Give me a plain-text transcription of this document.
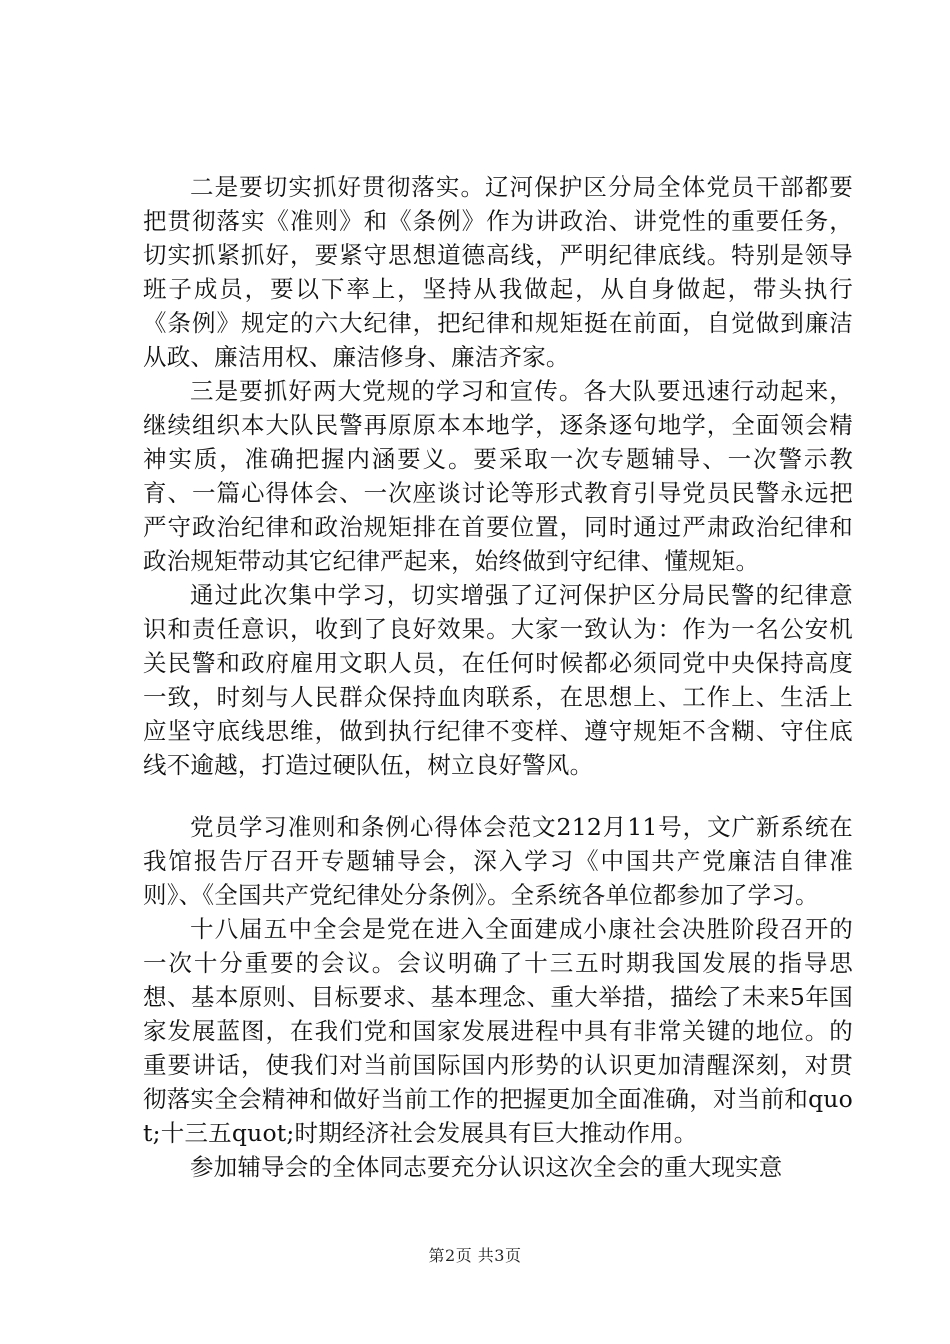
二是要切实抓好贯彻落实。辽河保护区分局全体党员干部都要把贯彻落实《准则》和《条例》作为讲政治、讲党性的重要任务，切实抓紧抓好，要紧守思想道德高线，严明纪律底线。特别是领导班子成员，要以下率上，坚持从我做起，从自身做起，带头执行《条例》规定的六大纪律，把纪律和规矩挺在前面，自觉做到廉洁从政、廉洁用权、廉洁修身、廉洁齐家。

三是要抓好两大党规的学习和宣传。各大队要迅速行动起来，继续组织本大队民警再原原本本地学，逐条逐句地学，全面领会精神实质，准确把握内涵要义。要采取一次专题辅导、一次警示教育、一篇心得体会、一次座谈讨论等形式教育引导党员民警永远把严守政治纪律和政治规矩排在首要位置，同时通过严肃政治纪律和政治规矩带动其它纪律严起来，始终做到守纪律、懂规矩。

通过此次集中学习，切实增强了辽河保护区分局民警的纪律意识和责任意识，收到了良好效果。大家一致认为：作为一名公安机关民警和政府雇用文职人员，在任何时候都必须同党中央保持高度一致，时刻与人民群众保持血肉联系，在思想上、工作上、生活上应坚守底线思维，做到执行纪律不变样、遵守规矩不含糊、守住底线不逾越，打造过硬队伍，树立良好警风。

党员学习准则和条例心得体会范文212月11号，文广新系统在我馆报告厅召开专题辅导会，深入学习《中国共产党廉洁自律准则》、《全国共产党纪律处分条例》。全系统各单位都参加了学习。

十八届五中全会是党在进入全面建成小康社会决胜阶段召开的一次十分重要的会议。会议明确了十三五时期我国发展的指导思想、基本原则、目标要求、基本理念、重大举措，描绘了未来5年国家发展蓝图，在我们党和国家发展进程中具有非常关键的地位。的重要讲话，使我们对当前国际国内形势的认识更加清醒深刻，对贯彻落实全会精神和做好当前工作的把握更加全面准确，对当前和quot;十三五quot;时期经济社会发展具有巨大推动作用。

参加辅导会的全体同志要充分认识这次全会的重大现实意

第2页 共3页
